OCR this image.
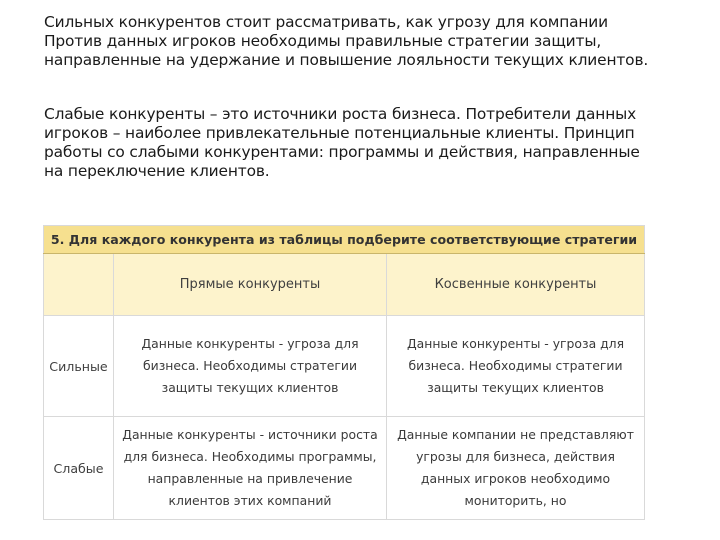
Сильных конкурентов стоит рассматривать, как угрозу для компании
Против данных игроков необходимы правильные стратегии защиты,
направленные на удержание и повышение лояльности текущих клиентов.
Слабые конкуренты – это источники роста бизнеса. Потребители данных
игроков – наиболее привлекательные потенциальные клиенты. Принцип
работы со слабыми конкурентами: программы и действия, направленные
на переключение клиентов.
5. Для каждого конкурента из таблицы подберите соответствующие стратегии		
	Прямые конкуренты	Косвенные конкуренты
Сильные	Данные конкуренты - угроза для
бизнеса. Необходимы стратегии
защиты текущих клиентов	Данные конкуренты - угроза для
бизнеса. Необходимы стратегии
защиты текущих клиентов

Слабые	Данные конкуренты - источники роста
для бизнеса. Необходимы программы,
направленные на привлечение
клиентов этих компаний	Данные компании не представляют
угрозы для бизнеса, действия
данных игроков необходимо
мониторить, но
